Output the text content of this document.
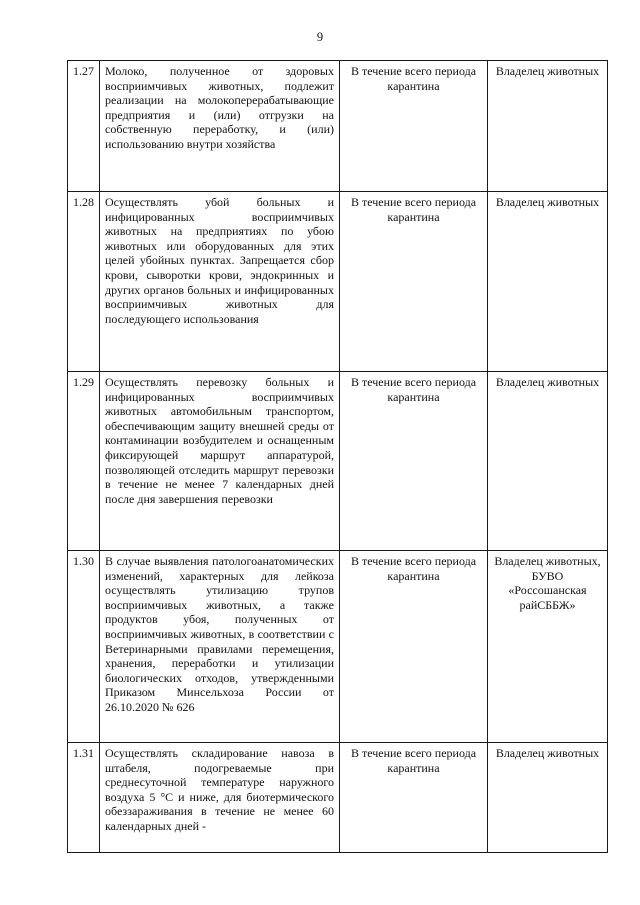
9
1.27	Молоко, полученное от здоровых восприимчивых животных, подлежит реализации на молокоперерабатывающие предприятия и (или) отгрузки на собственную переработку, и (или) использованию внутри хозяйства	В течение всего периода карантина	Владелец животных
1.28	Осуществлять убой больных и инфицированных восприимчивых животных на предприятиях по убою животных или оборудованных для этих целей убойных пунктах. Запрещается сбор крови, сыворотки крови, эндокринных и других органов больных и инфицированных восприимчивых животных для последующего использования	В течение всего периода карантина	Владелец животных
1.29	Осуществлять перевозку больных и инфицированных восприимчивых животных автомобильным транспортом, обеспечивающим защиту внешней среды от контаминации возбудителем и оснащенным фиксирующей маршрут аппаратурой, позволяющей отследить маршрут перевозки в течение не менее 7 календарных дней после дня завершения перевозки	В течение всего периода карантина	Владелец животных
1.30	В случае выявления патологоанатомических изменений, характерных для лейкоза осуществлять утилизацию трупов восприимчивых животных, а также продуктов убоя, полученных от восприимчивых животных, в соответствии с Ветеринарными правилами перемещения, хранения, переработки и утилизации биологических отходов, утвержденными Приказом Минсельхоза России от 26.10.2020 № 626	В течение всего периода карантина	Владелец животных, БУВО «Россошанская райСББЖ»
1.31	Осуществлять складирование навоза в штабеля, подогреваемые при среднесуточной температуре наружного воздуха 5 °С и ниже, для биотермического обеззараживания в течение не менее 60 календарных дней -	В течение всего периода карантина	Владелец животных
